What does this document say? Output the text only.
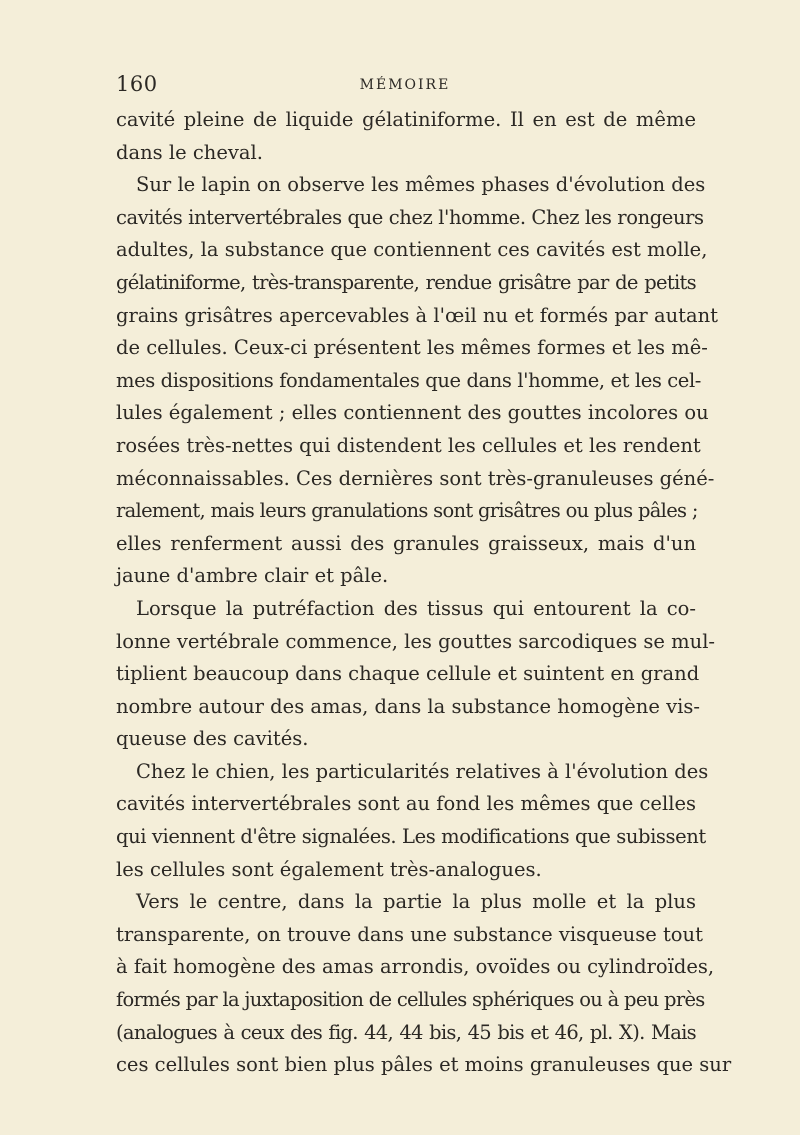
160	MÉMOIRE
cavité pleine de liquide gélatiniforme. Il en est de même
dans le cheval.
Sur le lapin on observe les mêmes phases d'évolution des
cavités intervertébrales que chez l'homme. Chez les rongeurs
adultes, la substance que contiennent ces cavités est molle,
gélatiniforme, très-transparente, rendue grisâtre par de petits
grains grisâtres apercevables à l'œil nu et formés par autant
de cellules. Ceux-ci présentent les mêmes formes et les mê-
mes dispositions fondamentales que dans l'homme, et les cel-
lules également ; elles contiennent des gouttes incolores ou
rosées très-nettes qui distendent les cellules et les rendent
méconnaissables. Ces dernières sont très-granuleuses géné-
ralement, mais leurs granulations sont grisâtres ou plus pâles ;
elles renferment aussi des granules graisseux, mais d'un
jaune d'ambre clair et pâle.
Lorsque la putréfaction des tissus qui entourent la co-
lonne vertébrale commence, les gouttes sarcodiques se mul-
tiplient beaucoup dans chaque cellule et suintent en grand
nombre autour des amas, dans la substance homogène vis-
queuse des cavités.
Chez le chien, les particularités relatives à l'évolution des
cavités intervertébrales sont au fond les mêmes que celles
qui viennent d'être signalées. Les modifications que subissent
les cellules sont également très-analogues.
Vers le centre, dans la partie la plus molle et la plus
transparente, on trouve dans une substance visqueuse tout
à fait homogène des amas arrondis, ovoïdes ou cylindroïdes,
formés par la juxtaposition de cellules sphériques ou à peu près
(analogues à ceux des fig. 44, 44 bis, 45 bis et 46, pl. X). Mais
ces cellules sont bien plus pâles et moins granuleuses que sur
